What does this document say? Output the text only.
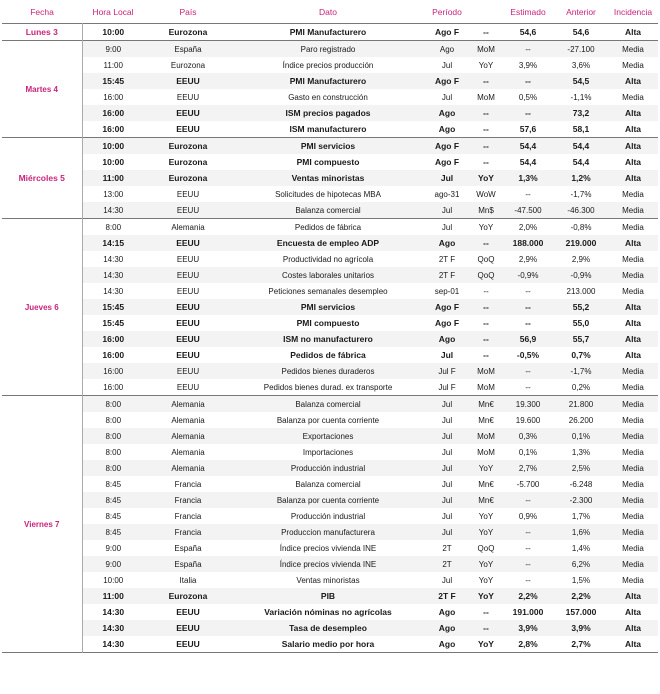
Fecha	Hora Local	País	Dato	Período		Estimado	Anterior	Incidencia
Lunes 3	10:00	Eurozona	PMI Manufacturero	Ago F	--	54,6	54,6	Alta
Martes 4	9:00	España	Paro registrado	Ago	MoM	--	-27.100	Media
	11:00	Eurozona	Índice precios producción	Jul	YoY	3,9%	3,6%	Media
	15:45	EEUU	PMI Manufacturero	Ago F	--	--	54,5	Alta
	16:00	EEUU	Gasto en construcción	Jul	MoM	0,5%	-1,1%	Media
	16:00	EEUU	ISM precios pagados	Ago	--	--	73,2	Alta
	16:00	EEUU	ISM manufacturero	Ago	--	57,6	58,1	Alta
Miércoles 5	10:00	Eurozona	PMI servicios	Ago F	--	54,4	54,4	Alta
	10:00	Eurozona	PMI compuesto	Ago F	--	54,4	54,4	Alta
	11:00	Eurozona	Ventas minoristas	Jul	YoY	1,3%	1,2%	Alta
	13:00	EEUU	Solicitudes de hipotecas MBA	ago-31	WoW	--	-1,7%	Media
	14:30	EEUU	Balanza comercial	Jul	Mn$	-47.500	-46.300	Media
Jueves 6	8:00	Alemania	Pedidos de fábrica	Jul	YoY	2,0%	-0,8%	Media
	14:15	EEUU	Encuesta de empleo ADP	Ago	--	188.000	219.000	Alta
	14:30	EEUU	Productividad no agrícola	2T F	QoQ	2,9%	2,9%	Media
	14:30	EEUU	Costes laborales unitarios	2T F	QoQ	-0,9%	-0,9%	Media
	14:30	EEUU	Peticiones semanales desempleo	sep-01	--	--	213.000	Media
	15:45	EEUU	PMI servicios	Ago F	--	--	55,2	Alta
	15:45	EEUU	PMI compuesto	Ago F	--	--	55,0	Alta
	16:00	EEUU	ISM no manufacturero	Ago	--	56,9	55,7	Alta
	16:00	EEUU	Pedidos de fábrica	Jul	--	-0,5%	0,7%	Alta
	16:00	EEUU	Pedidos bienes duraderos	Jul F	MoM	--	-1,7%	Media
	16:00	EEUU	Pedidos bienes durad. ex transporte	Jul F	MoM	--	0,2%	Media
Viernes 7	8:00	Alemania	Balanza comercial	Jul	Mn€	19.300	21.800	Media
	8:00	Alemania	Balanza por cuenta corriente	Jul	Mn€	19.600	26.200	Media
	8:00	Alemania	Exportaciones	Jul	MoM	0,3%	0,1%	Media
	8:00	Alemania	Importaciones	Jul	MoM	0,1%	1,3%	Media
	8:00	Alemania	Producción industrial	Jul	YoY	2,7%	2,5%	Media
	8:45	Francia	Balanza comercial	Jul	Mn€	-5.700	-6.248	Media
	8:45	Francia	Balanza por cuenta corriente	Jul	Mn€	--	-2.300	Media
	8:45	Francia	Producción industrial	Jul	YoY	0,9%	1,7%	Media
	8:45	Francia	Produccion manufacturera	Jul	YoY	--	1,6%	Media
	9:00	España	Índice precios vivienda INE	2T	QoQ	--	1,4%	Media
	9:00	España	Índice precios vivienda INE	2T	YoY	--	6,2%	Media
	10:00	Italia	Ventas minoristas	Jul	YoY	--	1,5%	Media
	11:00	Eurozona	PIB	2T F	YoY	2,2%	2,2%	Alta
	14:30	EEUU	Variación nóminas no agrícolas	Ago	--	191.000	157.000	Alta
	14:30	EEUU	Tasa de desempleo	Ago	--	3,9%	3,9%	Alta
	14:30	EEUU	Salario medio por hora	Ago	YoY	2,8%	2,7%	Alta
